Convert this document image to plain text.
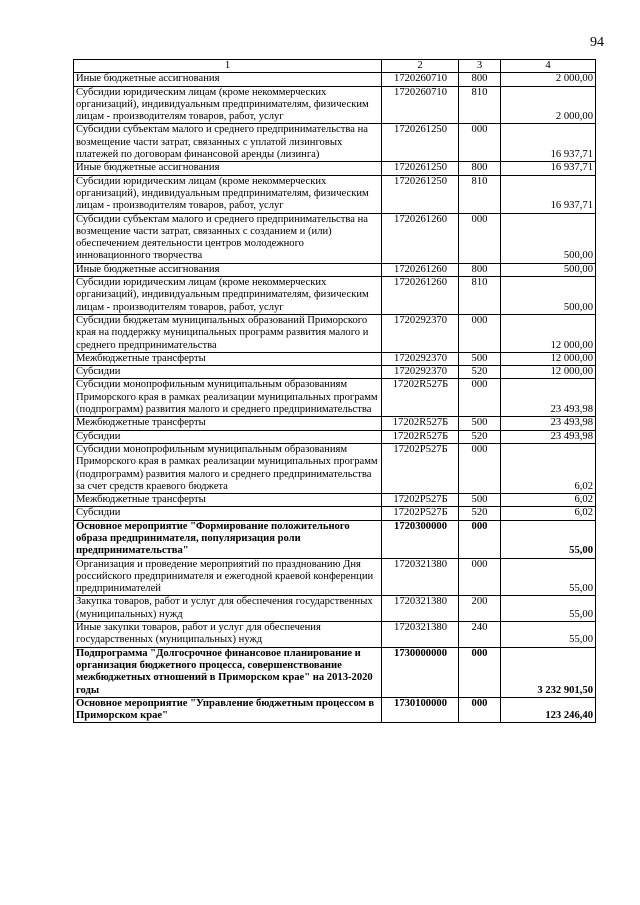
94
1	2	3	4
Иные бюджетные ассигнования	1720260710	800	2 000,00
Субсидии юридическим лицам (кроме некоммерческих организаций), индивидуальным предпринимателям, физическим лицам - производителям товаров, работ, услуг	1720260710	810	2 000,00
Субсидии субъектам малого и среднего предпринимательства на возмещение части затрат, связанных с уплатой лизинговых платежей по договорам финансовой аренды (лизинга)	1720261250	000	16 937,71
Иные бюджетные ассигнования	1720261250	800	16 937,71
Субсидии юридическим лицам (кроме некоммерческих организаций), индивидуальным предпринимателям, физическим лицам - производителям товаров, работ, услуг	1720261250	810	16 937,71
Субсидии субъектам малого и среднего предпринимательства на возмещение части затрат, связанных с созданием и (или) обеспечением деятельности центров молодежного инновационного творчества	1720261260	000	500,00
Иные бюджетные ассигнования	1720261260	800	500,00
Субсидии юридическим лицам (кроме некоммерческих организаций), индивидуальным предпринимателям, физическим лицам - производителям товаров, работ, услуг	1720261260	810	500,00
Субсидии бюджетам муниципальных образований Приморского края на поддержку муниципальных программ развития малого и среднего предпринимательства	1720292370	000	12 000,00
Межбюджетные трансферты	1720292370	500	12 000,00
Субсидии	1720292370	520	12 000,00
Субсидии монопрофильным муниципальным образованиям Приморского края в рамках реализации муниципальных программ (подпрограмм) развития малого и среднего предпринимательства	17202R527Б	000	23 493,98
Межбюджетные трансферты	17202R527Б	500	23 493,98
Субсидии	17202R527Б	520	23 493,98
Субсидии монопрофильным муниципальным образованиям Приморского края в рамках реализации муниципальных программ (подпрограмм) развития малого и среднего предпринимательства за счет средств краевого бюджета	17202P527Б	000	6,02
Межбюджетные трансферты	17202P527Б	500	6,02
Субсидии	17202P527Б	520	6,02
Основное мероприятие "Формирование положительного образа предпринимателя, популяризация роли предпринимательства"	1720300000	000	55,00
Организация и проведение мероприятий по празднованию Дня российского предпринимателя и ежегодной краевой конференции предпринимателей	1720321380	000	55,00
Закупка товаров, работ и услуг для обеспечения государственных (муниципальных) нужд	1720321380	200	55,00
Иные закупки товаров, работ и услуг для обеспечения государственных (муниципальных) нужд	1720321380	240	55,00
Подпрограмма "Долгосрочное финансовое планирование и организация бюджетного процесса, совершенствование межбюджетных отношений в Приморском крае" на 2013-2020 годы	1730000000	000	3 232 901,50
Основное мероприятие "Управление бюджетным процессом в Приморском крае"	1730100000	000	123 246,40
